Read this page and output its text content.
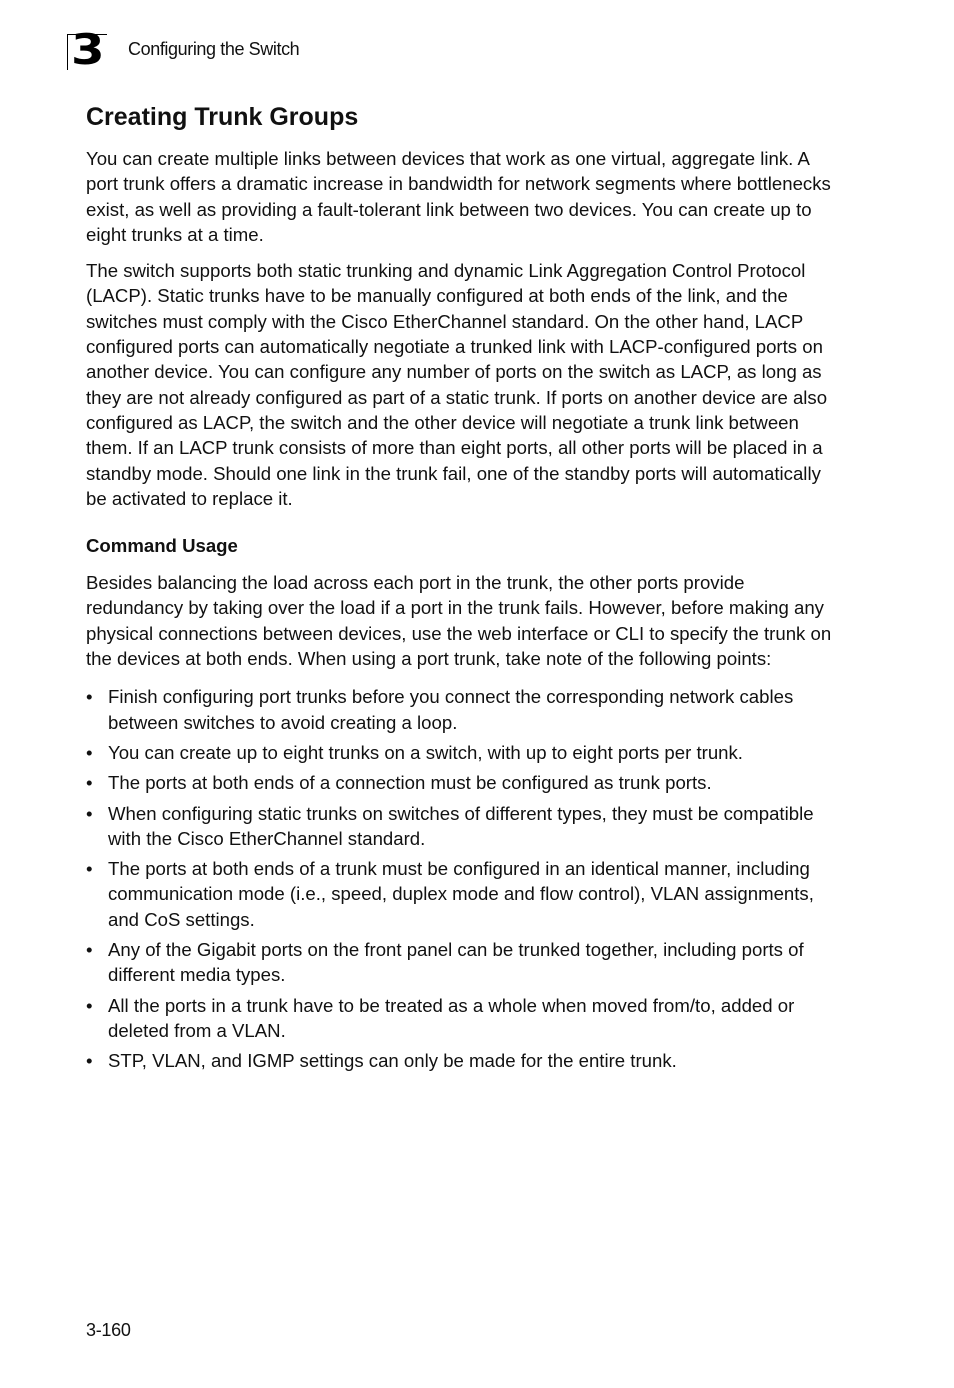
3 Configuring the Switch
Creating Trunk Groups

You can create multiple links between devices that work as one virtual, aggregate link. A port trunk offers a dramatic increase in bandwidth for network segments where bottlenecks exist, as well as providing a fault-tolerant link between two devices. You can create up to eight trunks at a time.

The switch supports both static trunking and dynamic Link Aggregation Control Protocol (LACP). Static trunks have to be manually configured at both ends of the link, and the switches must comply with the Cisco EtherChannel standard. On the other hand, LACP configured ports can automatically negotiate a trunked link with LACP-configured ports on another device. You can configure any number of ports on the switch as LACP, as long as they are not already configured as part of a static trunk. If ports on another device are also configured as LACP, the switch and the other device will negotiate a trunk link between them. If an LACP trunk consists of more than eight ports, all other ports will be placed in a standby mode. Should one link in the trunk fail, one of the standby ports will automatically be activated to replace it.

Command Usage

Besides balancing the load across each port in the trunk, the other ports provide redundancy by taking over the load if a port in the trunk fails. However, before making any physical connections between devices, use the web interface or CLI to specify the trunk on the devices at both ends. When using a port trunk, take note of the following points:

• Finish configuring port trunks before you connect the corresponding network cables between switches to avoid creating a loop.
• You can create up to eight trunks on a switch, with up to eight ports per trunk.
• The ports at both ends of a connection must be configured as trunk ports.
• When configuring static trunks on switches of different types, they must be compatible with the Cisco EtherChannel standard.
• The ports at both ends of a trunk must be configured in an identical manner, including communication mode (i.e., speed, duplex mode and flow control), VLAN assignments, and CoS settings.
• Any of the Gigabit ports on the front panel can be trunked together, including ports of different media types.
• All the ports in a trunk have to be treated as a whole when moved from/to, added or deleted from a VLAN.
• STP, VLAN, and IGMP settings can only be made for the entire trunk.
3-160
